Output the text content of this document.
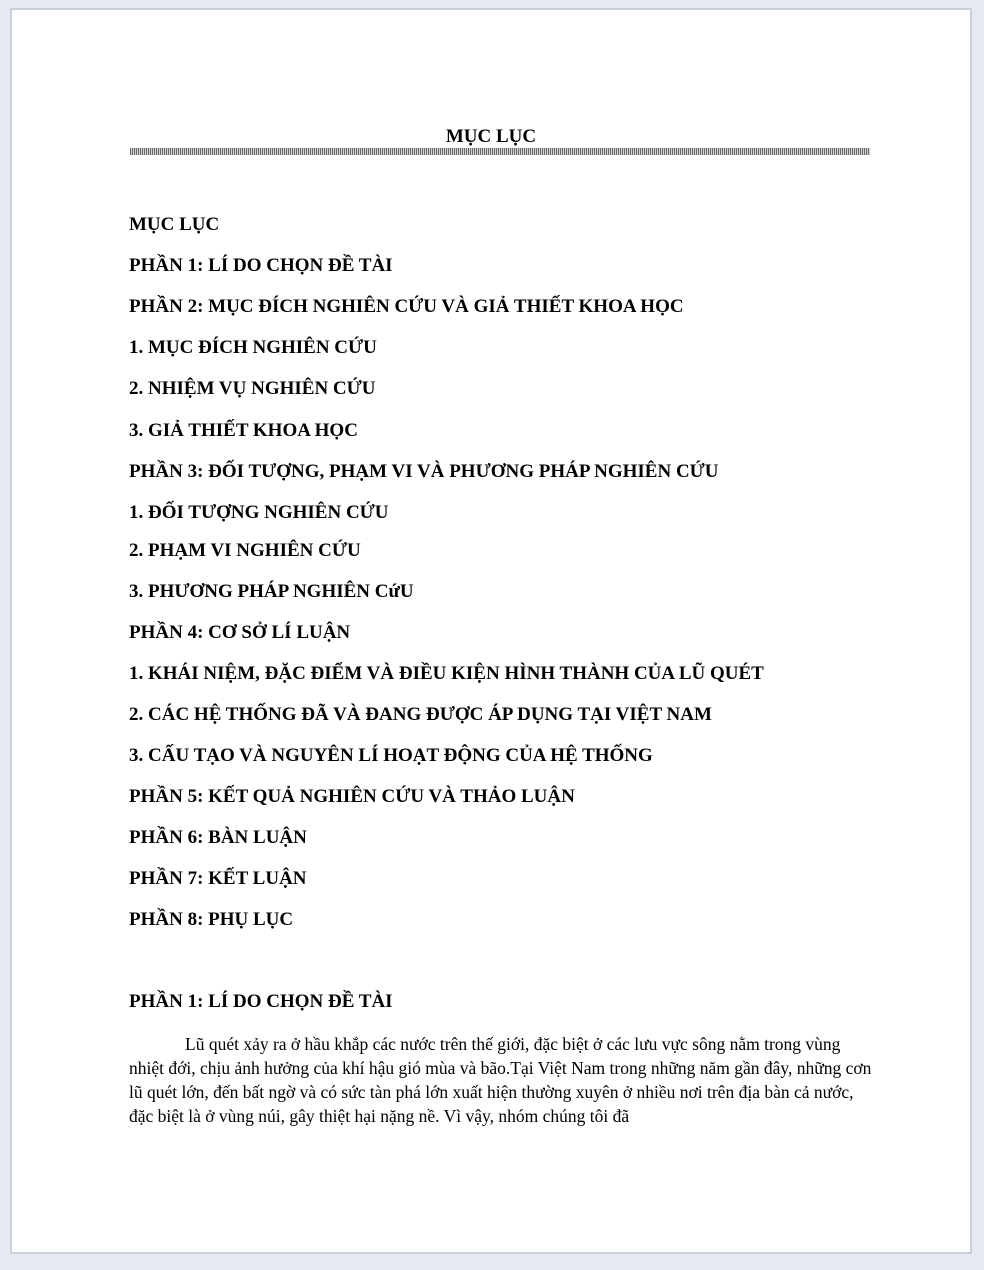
MỤC LỤC
MỤC LỤC
PHẦN 1: LÍ DO CHỌN ĐỀ TÀI
PHẦN 2: MỤC ĐÍCH NGHIÊN CỨU VÀ GIẢ THIẾT KHOA HỌC
1. MỤC ĐÍCH NGHIÊN CỨU
2. NHIỆM VỤ NGHIÊN CỨU
3. GIẢ THIẾT KHOA HỌC
PHẦN 3: ĐỐI TƯỢNG, PHẠM VI VÀ PHƯƠNG PHÁP NGHIÊN CỨU
1. ĐỐI TƯỢNG NGHIÊN CỨU
2. PHẠM VI NGHIÊN CỨU
3. PHƯƠNG PHÁP NGHIÊN CứU
PHẦN 4: CƠ SỞ LÍ LUẬN
1. KHÁI NIỆM, ĐẶC ĐIỂM VÀ ĐIỀU KIỆN HÌNH THÀNH CỦA LŨ QUÉT
2. CÁC HỆ THỐNG ĐÃ VÀ ĐANG ĐƯỢC ÁP DỤNG TẠI VIỆT NAM
3. CẤU TẠO VÀ NGUYÊN LÍ HOẠT ĐỘNG CỦA HỆ THỐNG
PHẦN 5: KẾT QUẢ NGHIÊN CỨU VÀ THẢO LUẬN
PHẦN 6: BÀN LUẬN
PHẦN 7: KẾT LUẬN
PHẦN 8: PHỤ LỤC
PHẦN 1: LÍ DO CHỌN ĐỀ TÀI

Lũ quét xảy ra ở hầu khắp các nước trên thế giới, đặc biệt ở các lưu vực sông nằm trong vùng nhiệt đới, chịu ảnh hưởng của khí hậu gió mùa và bão.Tại Việt Nam trong những năm gần đây, những cơn lũ quét lớn, đến bất ngờ và có sức tàn phá lớn xuất hiện thường xuyên ở nhiều nơi trên địa bàn cả nước, đặc biệt là ở vùng núi, gây thiệt hại nặng nề. Vì vậy, nhóm chúng tôi đã
